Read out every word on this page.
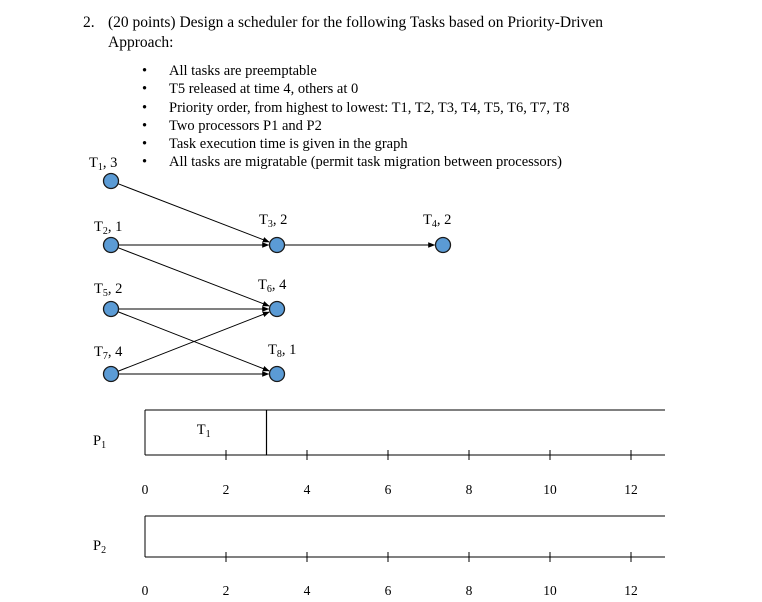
2. (20 points) Design a scheduler for the following Tasks based on Priority-Driven
Approach:
• All tasks are preemptable
• T5 released at time 4, others at 0
• Priority order, from highest to lowest: T1, T2, T3, T4, T5, T6, T7, T8
• Two processors P1 and P2
• Task execution time is given in the graph
• All tasks are migratable (permit task migration between processors)
$T_1$, 3
$T_2$, 1	$T_3$, 2	$T_4$, 2
$T_5$, 2	$T_6$, 4
$T_7$, 4	$T_8$, 1
$P_1$
0	2	4	6	8	10	12
$T_1$
$P_2$
0	2	4	6	8	10	12
